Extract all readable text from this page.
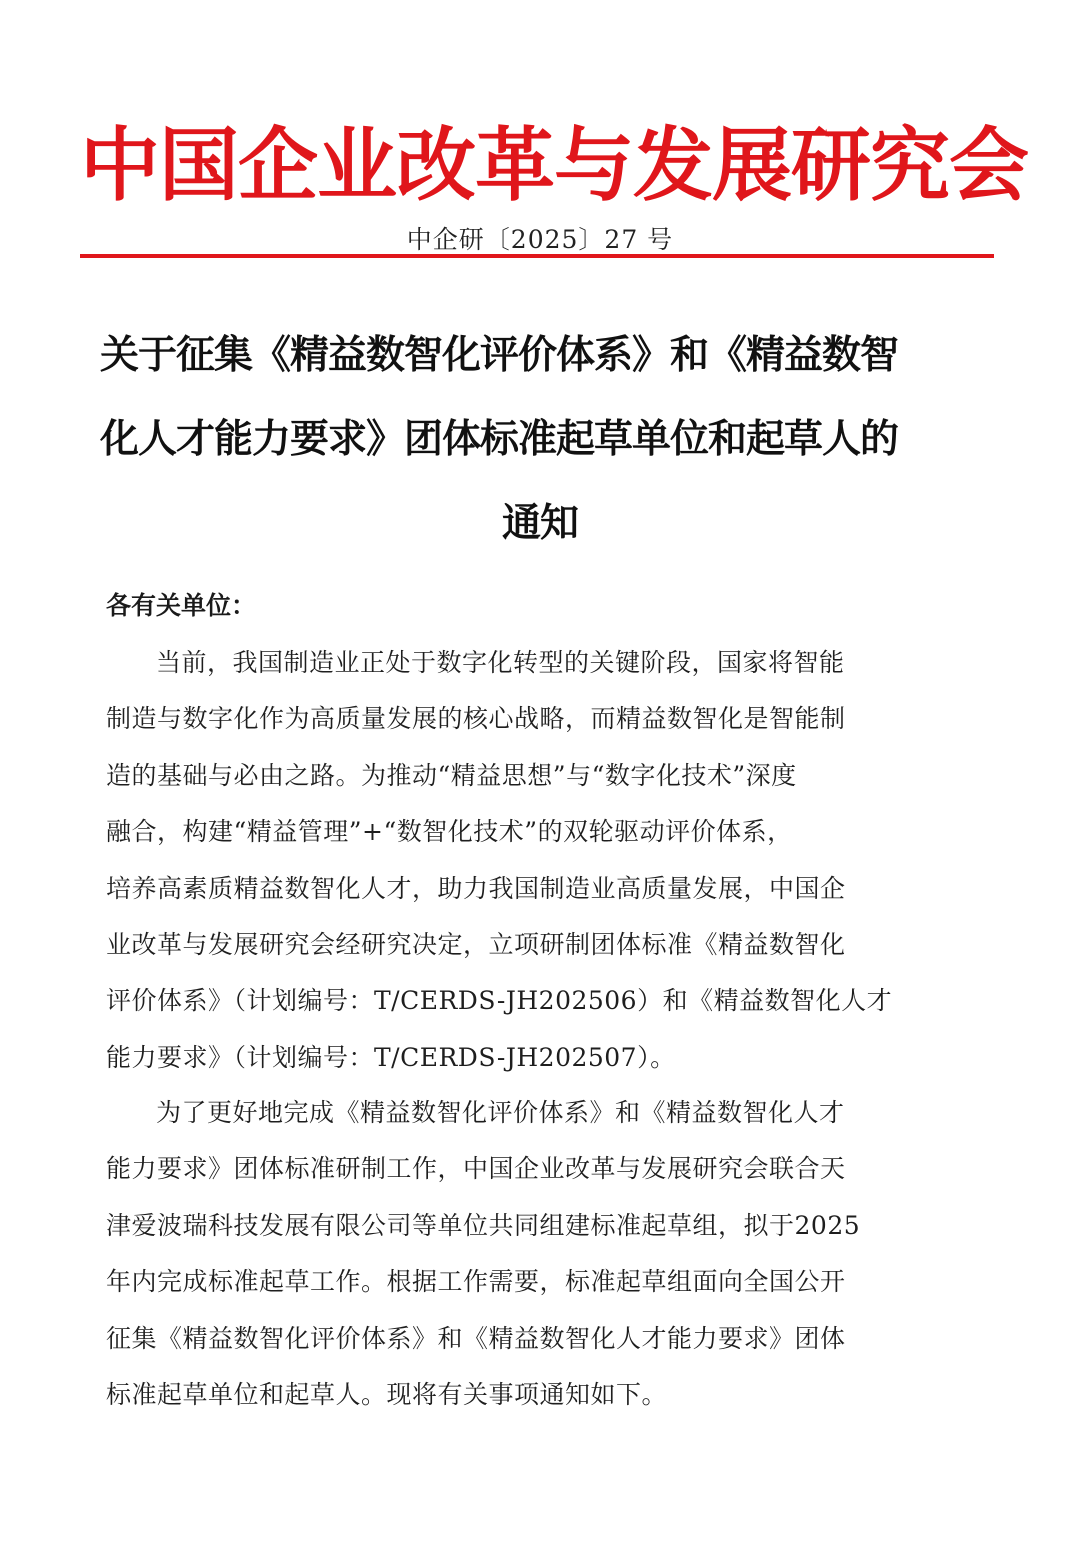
中国企业改革与发展研究会
中企研〔2025〕27 号
关于征集《精益数智化评价体系》和《精益数智
化人才能力要求》团体标准起草单位和起草人的
通知
各有关单位：
当前，我国制造业正处于数字化转型的关键阶段，国家将智能
制造与数字化作为高质量发展的核心战略，而精益数智化是智能制
造的基础与必由之路。为推动“精益思想”与“数字化技术”深度
融合，构建“精益管理”+“数智化技术”的双轮驱动评价体系，
培养高素质精益数智化人才，助力我国制造业高质量发展，中国企
业改革与发展研究会经研究决定，立项研制团体标准《精益数智化
评价体系》（计划编号：T/CERDS-JH202506）和《精益数智化人才
能力要求》（计划编号：T/CERDS-JH202507）。
为了更好地完成《精益数智化评价体系》和《精益数智化人才
能力要求》团体标准研制工作，中国企业改革与发展研究会联合天
津爱波瑞科技发展有限公司等单位共同组建标准起草组，拟于2025
年内完成标准起草工作。根据工作需要，标准起草组面向全国公开
征集《精益数智化评价体系》和《精益数智化人才能力要求》团体
标准起草单位和起草人。现将有关事项通知如下。
